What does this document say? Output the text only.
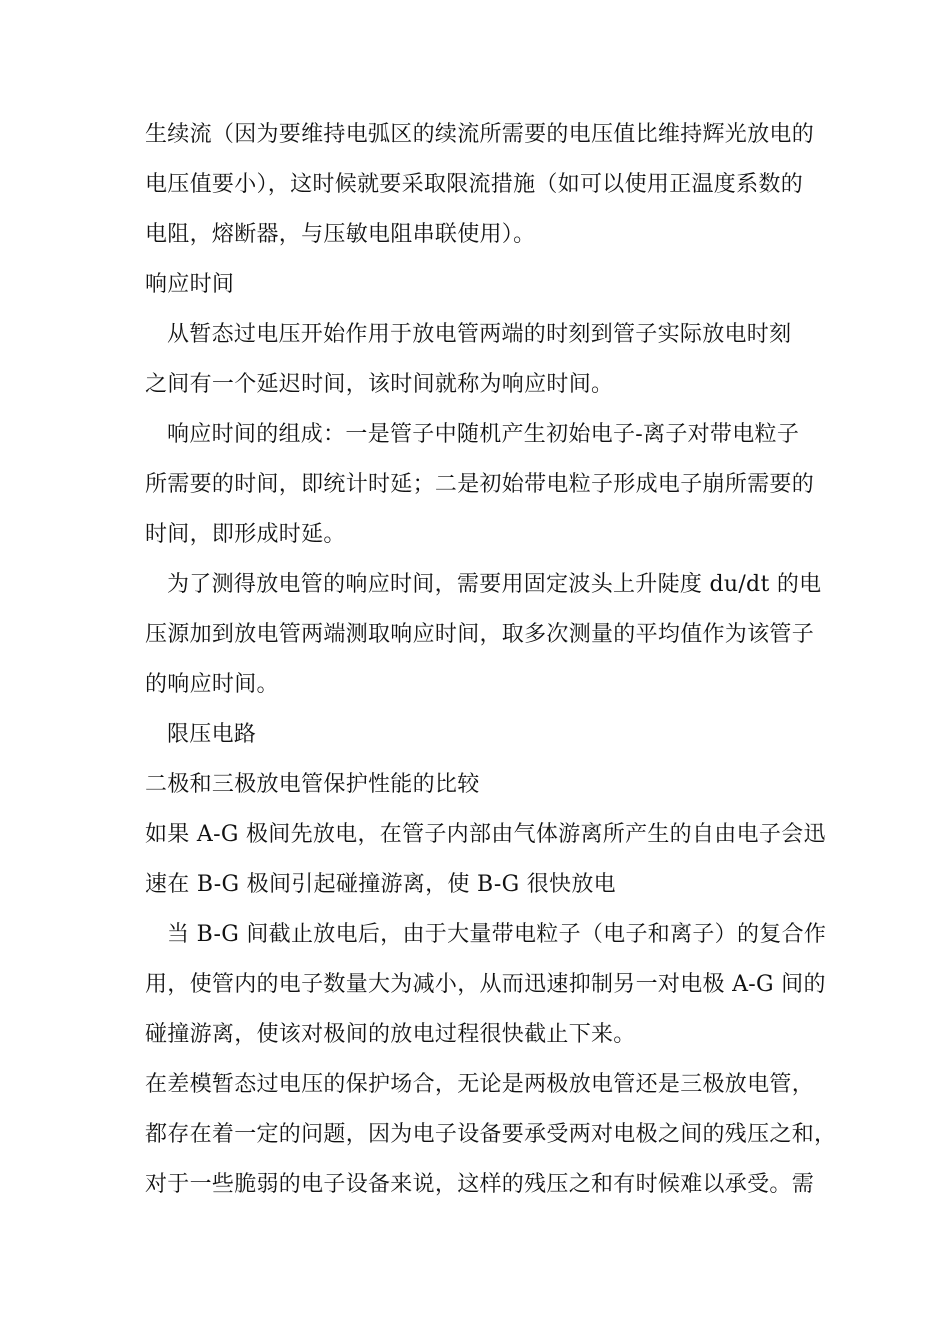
生续流（因为要维持电弧区的续流所需要的电压值比维持辉光放电的
电压值要小），这时候就要采取限流措施（如可以使用正温度系数的
电阻，熔断器，与压敏电阻串联使用）。
响应时间
从暂态过电压开始作用于放电管两端的时刻到管子实际放电时刻
之间有一个延迟时间，该时间就称为响应时间。
响应时间的组成：一是管子中随机产生初始电子-离子对带电粒子
所需要的时间，即统计时延；二是初始带电粒子形成电子崩所需要的
时间，即形成时延。
为了测得放电管的响应时间，需要用固定波头上升陡度 du/dt 的电
压源加到放电管两端测取响应时间，取多次测量的平均值作为该管子
的响应时间。
限压电路
二极和三极放电管保护性能的比较
如果 A-G 极间先放电，在管子内部由气体游离所产生的自由电子会迅
速在 B-G 极间引起碰撞游离，使 B-G 很快放电
当 B-G 间截止放电后，由于大量带电粒子（电子和离子）的复合作
用，使管内的电子数量大为减小，从而迅速抑制另一对电极 A-G 间的
碰撞游离，使该对极间的放电过程很快截止下来。
在差模暂态过电压的保护场合，无论是两极放电管还是三极放电管，
都存在着一定的问题，因为电子设备要承受两对电极之间的残压之和，
对于一些脆弱的电子设备来说，这样的残压之和有时候难以承受。需
